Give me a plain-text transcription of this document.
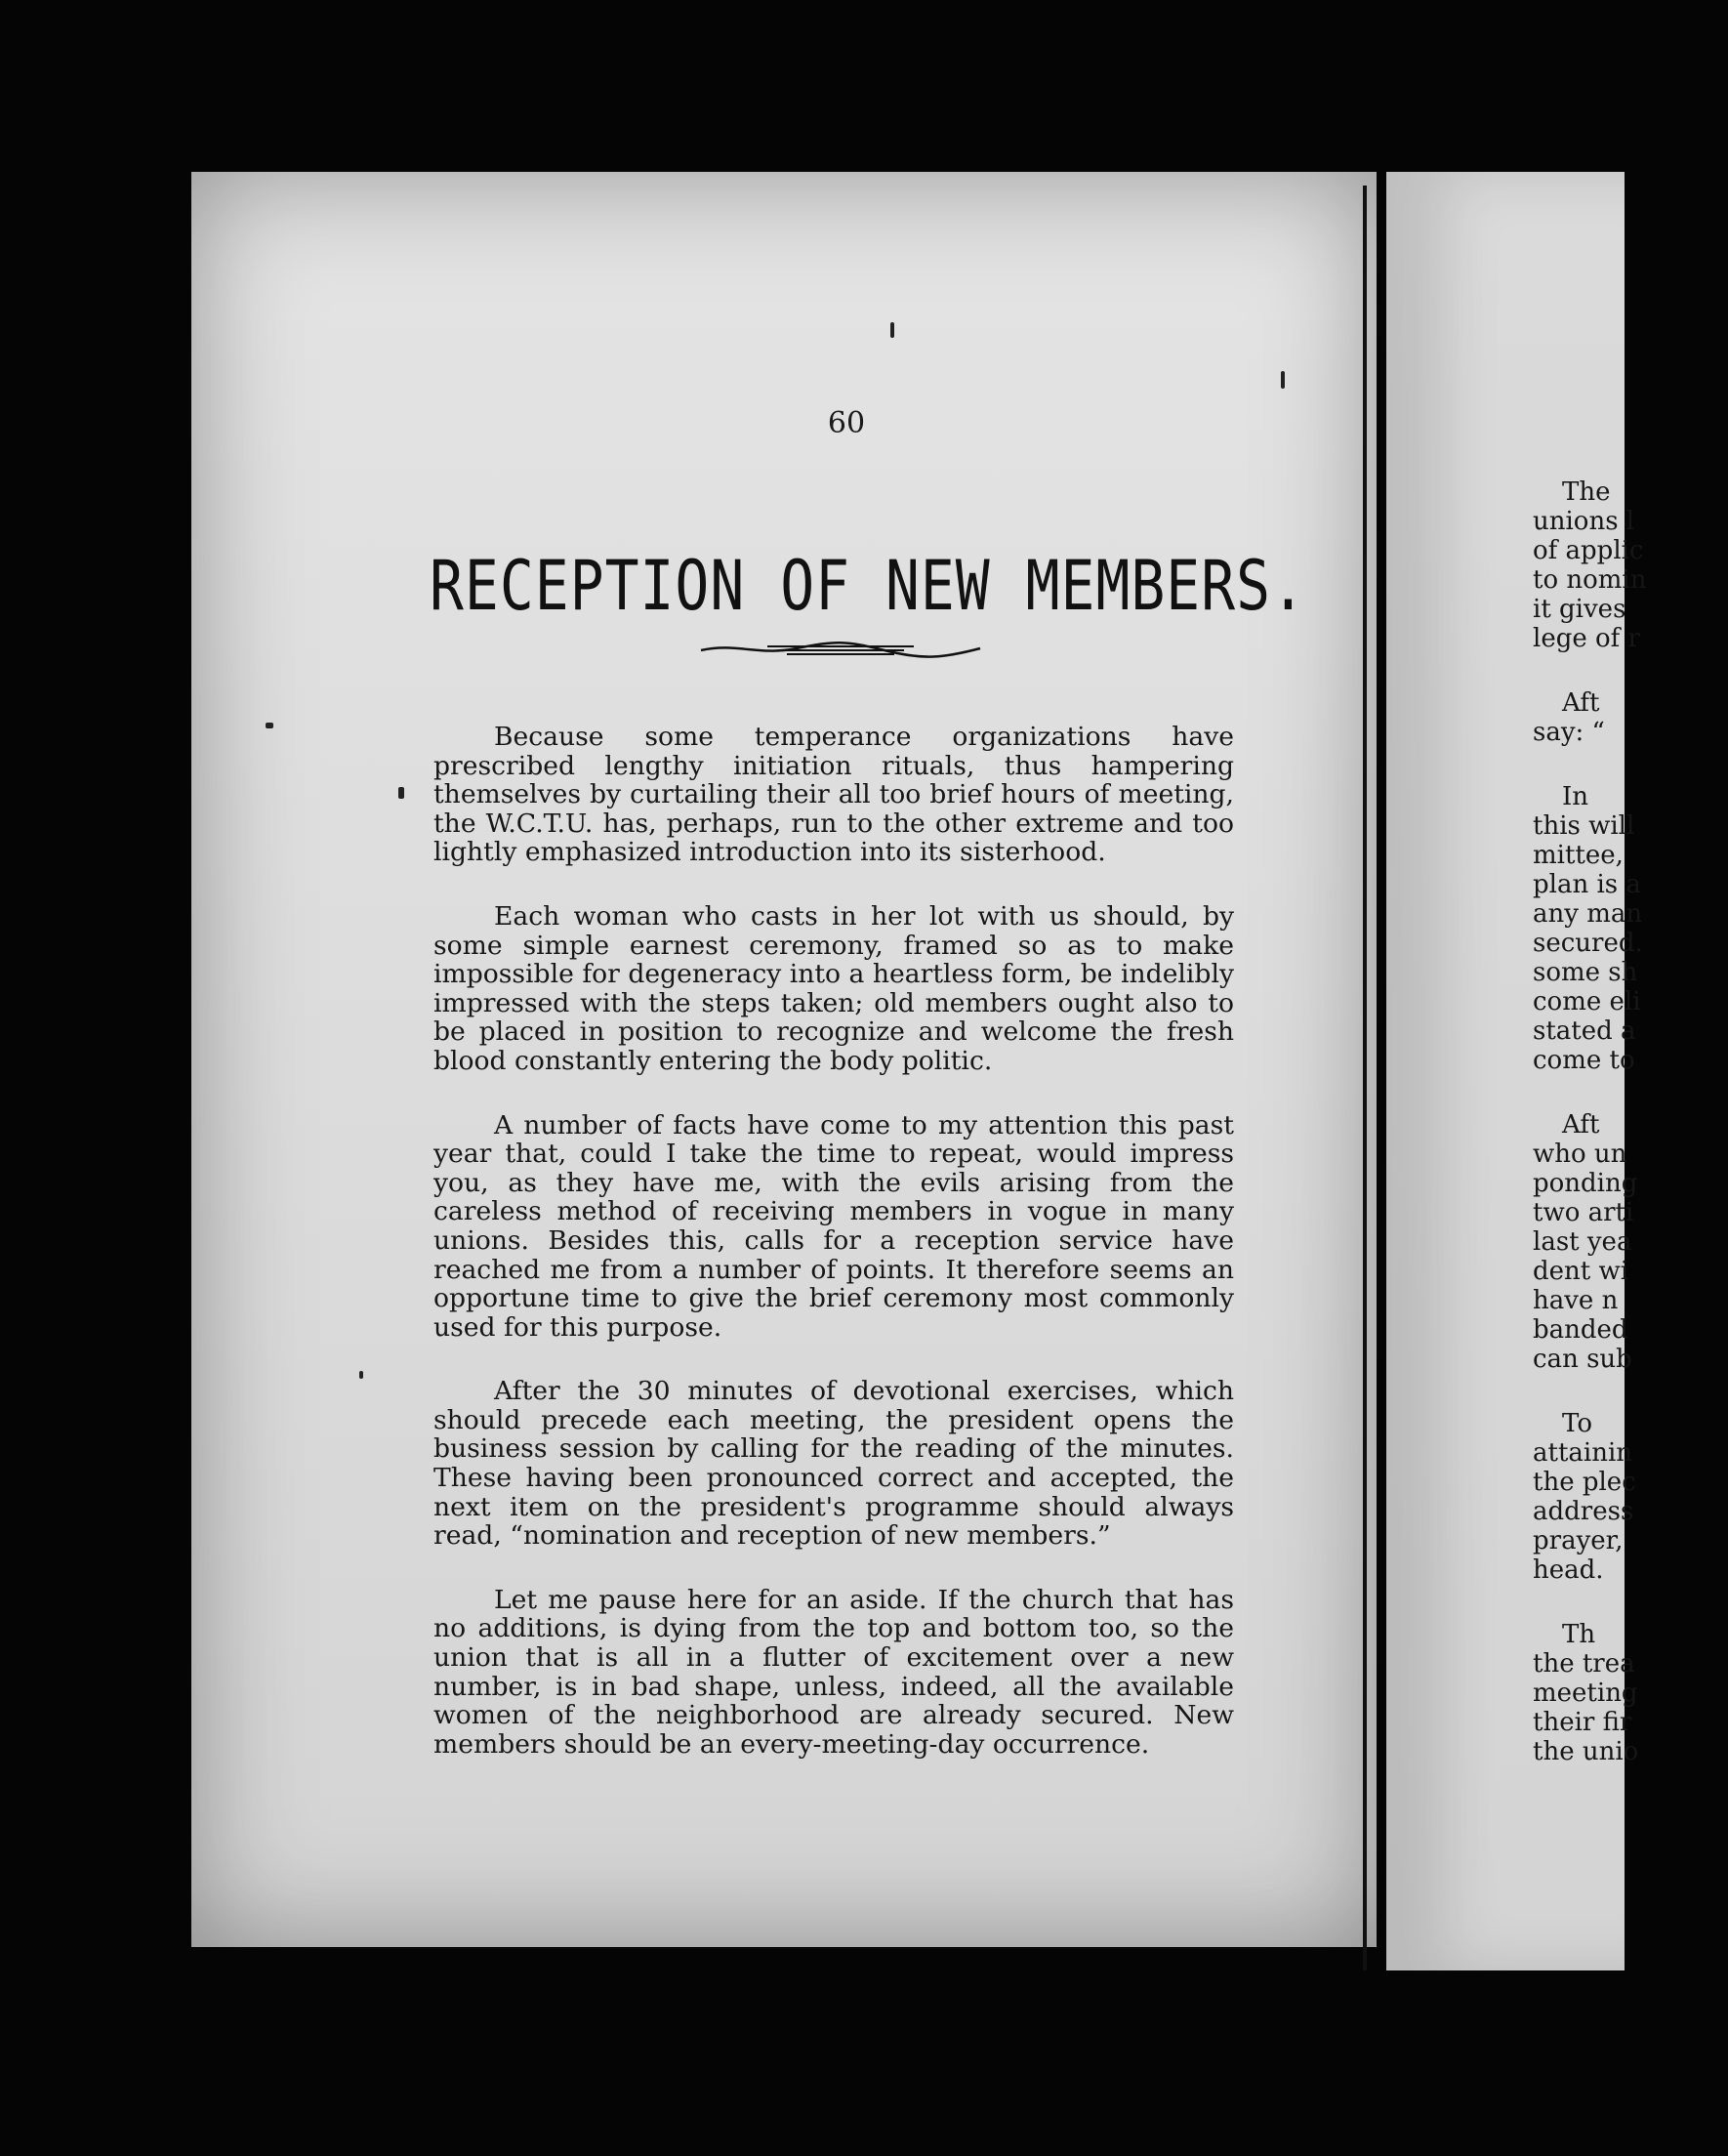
The
unions l
of applic
to nomin
it gives
lege of r
Aft
say: “
In
this will
mittee,
plan is a
any man
secured.
some sh
come eli
stated a
come to
Aft
who un
ponding
two arti
last yea
dent wi
have n
banded
can sub
To
attainin
the plec
address
prayer,
head.
Th
the trea
meeting
their fir
the unio
60
RECEPTION OF NEW MEMBERS.

Because some temperance organizations have prescribed lengthy initiation rituals, thus hampering themselves by curtailing their all too brief hours of meeting, the W.C.T.U. has, perhaps, run to the other extreme and too lightly emphasized introduction into its sisterhood.

Each woman who casts in her lot with us should, by some simple earnest ceremony, framed so as to make impossible for degeneracy into a heartless form, be indelibly impressed with the steps taken; old members ought also to be placed in position to recognize and welcome the fresh blood constantly entering the body politic.

A number of facts have come to my attention this past year that, could I take the time to repeat, would impress you, as they have me, with the evils arising from the careless method of receiving members in vogue in many unions. Besides this, calls for a reception service have reached me from a number of points. It therefore seems an opportune time to give the brief ceremony most commonly used for this purpose.

After the 30 minutes of devotional exercises, which should precede each meeting, the president opens the business session by calling for the reading of the minutes. These having been pronounced correct and accepted, the next item on the president's programme should always read, “nomination and reception of new members.”

Let me pause here for an aside. If the church that has no additions, is dying from the top and bottom too, so the union that is all in a flutter of excitement over a new number, is in bad shape, unless, indeed, all the available women of the neighborhood are already secured. New members should be an every-meeting-day occurrence.
